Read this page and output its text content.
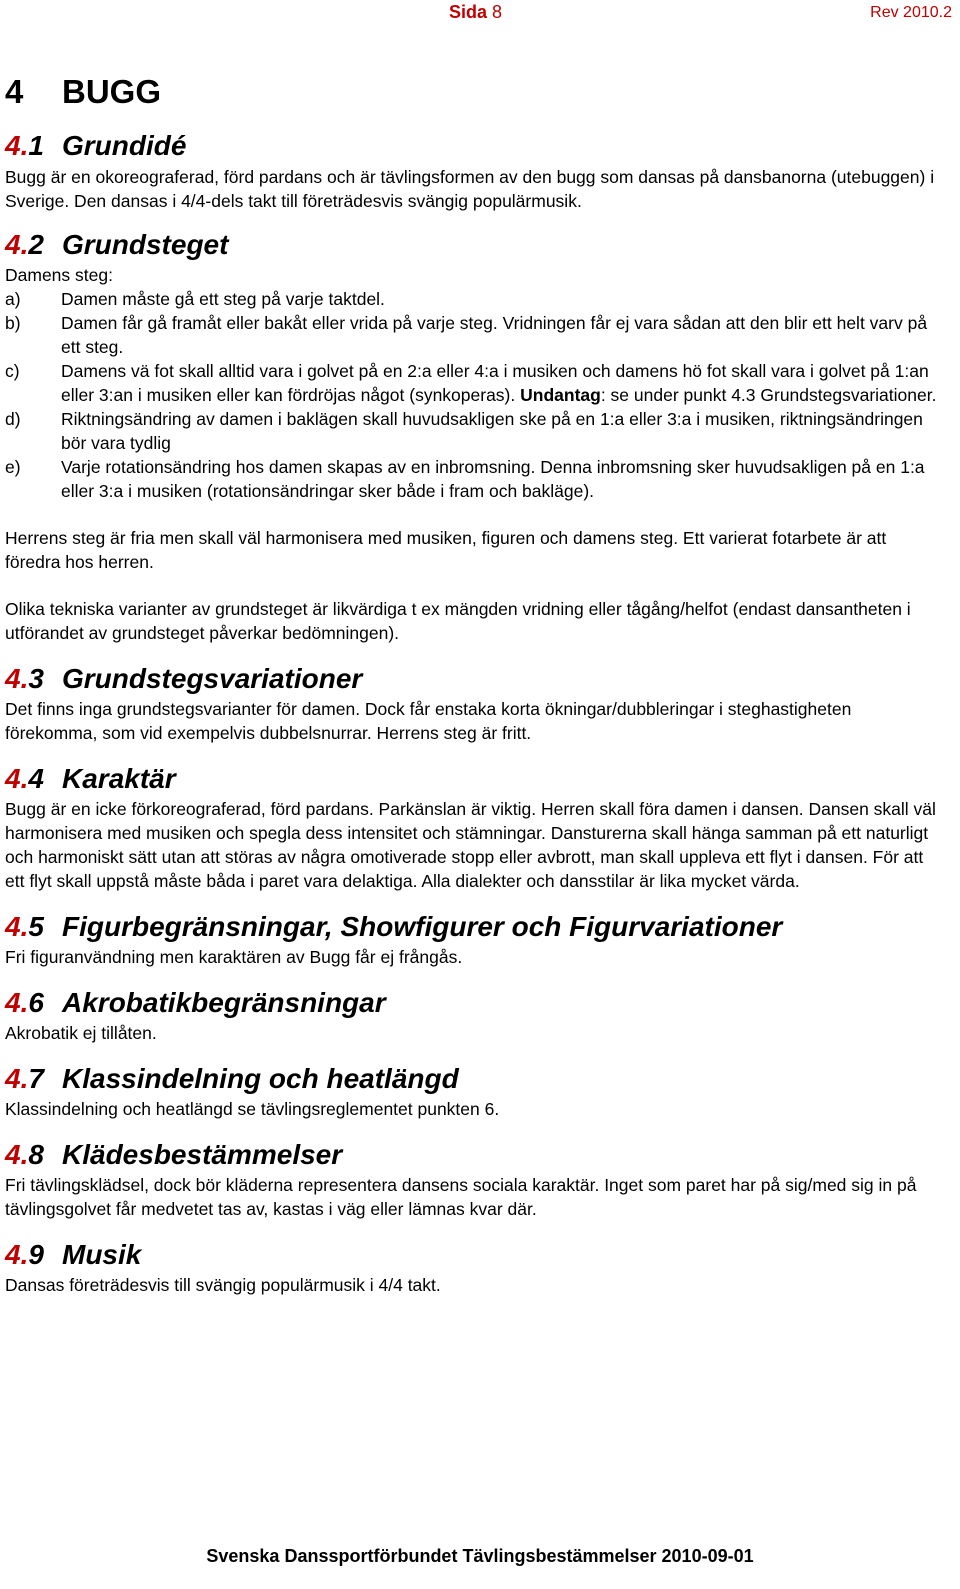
Sida 8	Rev 2010.2
4 BUGG
4.1 Grundidé

Bugg är en okoreograferad, förd pardans och är tävlingsformen av den bugg som dansas på dansbanorna (utebuggen) i Sverige. Den dansas i 4/4-dels takt till företrädesvis svängig populärmusik.

4.2 Grundsteget

Damens steg:

a) Damen måste gå ett steg på varje taktdel.
b) Damen får gå framåt eller bakåt eller vrida på varje steg. Vridningen får ej vara sådan att den blir ett helt varv på ett steg.
c) Damens vä fot skall alltid vara i golvet på en 2:a eller 4:a i musiken och damens hö fot skall vara i golvet på 1:an eller 3:an i musiken eller kan fördröjas något (synkoperas). Undantag: se under punkt 4.3 Grundstegsvariationer.
d) Riktningsändring av damen i baklägen skall huvudsakligen ske på en 1:a eller 3:a i musiken, riktningsändringen bör vara tydlig
e) Varje rotationsändring hos damen skapas av en inbromsning. Denna inbromsning sker huvudsakligen på en 1:a eller 3:a i musiken (rotationsändringar sker både i fram och bakläge).

Herrens steg är fria men skall väl harmonisera med musiken, figuren och damens steg. Ett varierat fotarbete är att föredra hos herren.

Olika tekniska varianter av grundsteget är likvärdiga t ex mängden vridning eller tågång/helfot (endast dansantheten i utförandet av grundsteget påverkar bedömningen).

4.3 Grundstegsvariationer

Det finns inga grundstegsvarianter för damen. Dock får enstaka korta ökningar/dubbleringar i steghastigheten förekomma, som vid exempelvis dubbelsnurrar. Herrens steg är fritt.

4.4 Karaktär

Bugg är en icke förkoreograferad, förd pardans. Parkänslan är viktig. Herren skall föra damen i dansen. Dansen skall väl harmonisera med musiken och spegla dess intensitet och stämningar. Dansturerna skall hänga samman på ett naturligt och harmoniskt sätt utan att störas av några omotiverade stopp eller avbrott, man skall uppleva ett flyt i dansen. För att ett flyt skall uppstå måste båda i paret vara delaktiga. Alla dialekter och dansstilar är lika mycket värda.

4.5 Figurbegränsningar, Showfigurer och Figurvariationer

Fri figuranvändning men karaktären av Bugg får ej frångås.

4.6 Akrobatikbegränsningar

Akrobatik ej tillåten.

4.7 Klassindelning och heatlängd

Klassindelning och heatlängd se tävlingsreglementet punkten 6.

4.8 Klädesbestämmelser

Fri tävlingsklädsel, dock bör kläderna representera dansens sociala karaktär. Inget som paret har på sig/med sig in på tävlingsgolvet får medvetet tas av, kastas i väg eller lämnas kvar där.

4.9 Musik

Dansas företrädesvis till svängig populärmusik i 4/4 takt.

Svenska Danssportförbundet Tävlingsbestämmelser 2010-09-01
